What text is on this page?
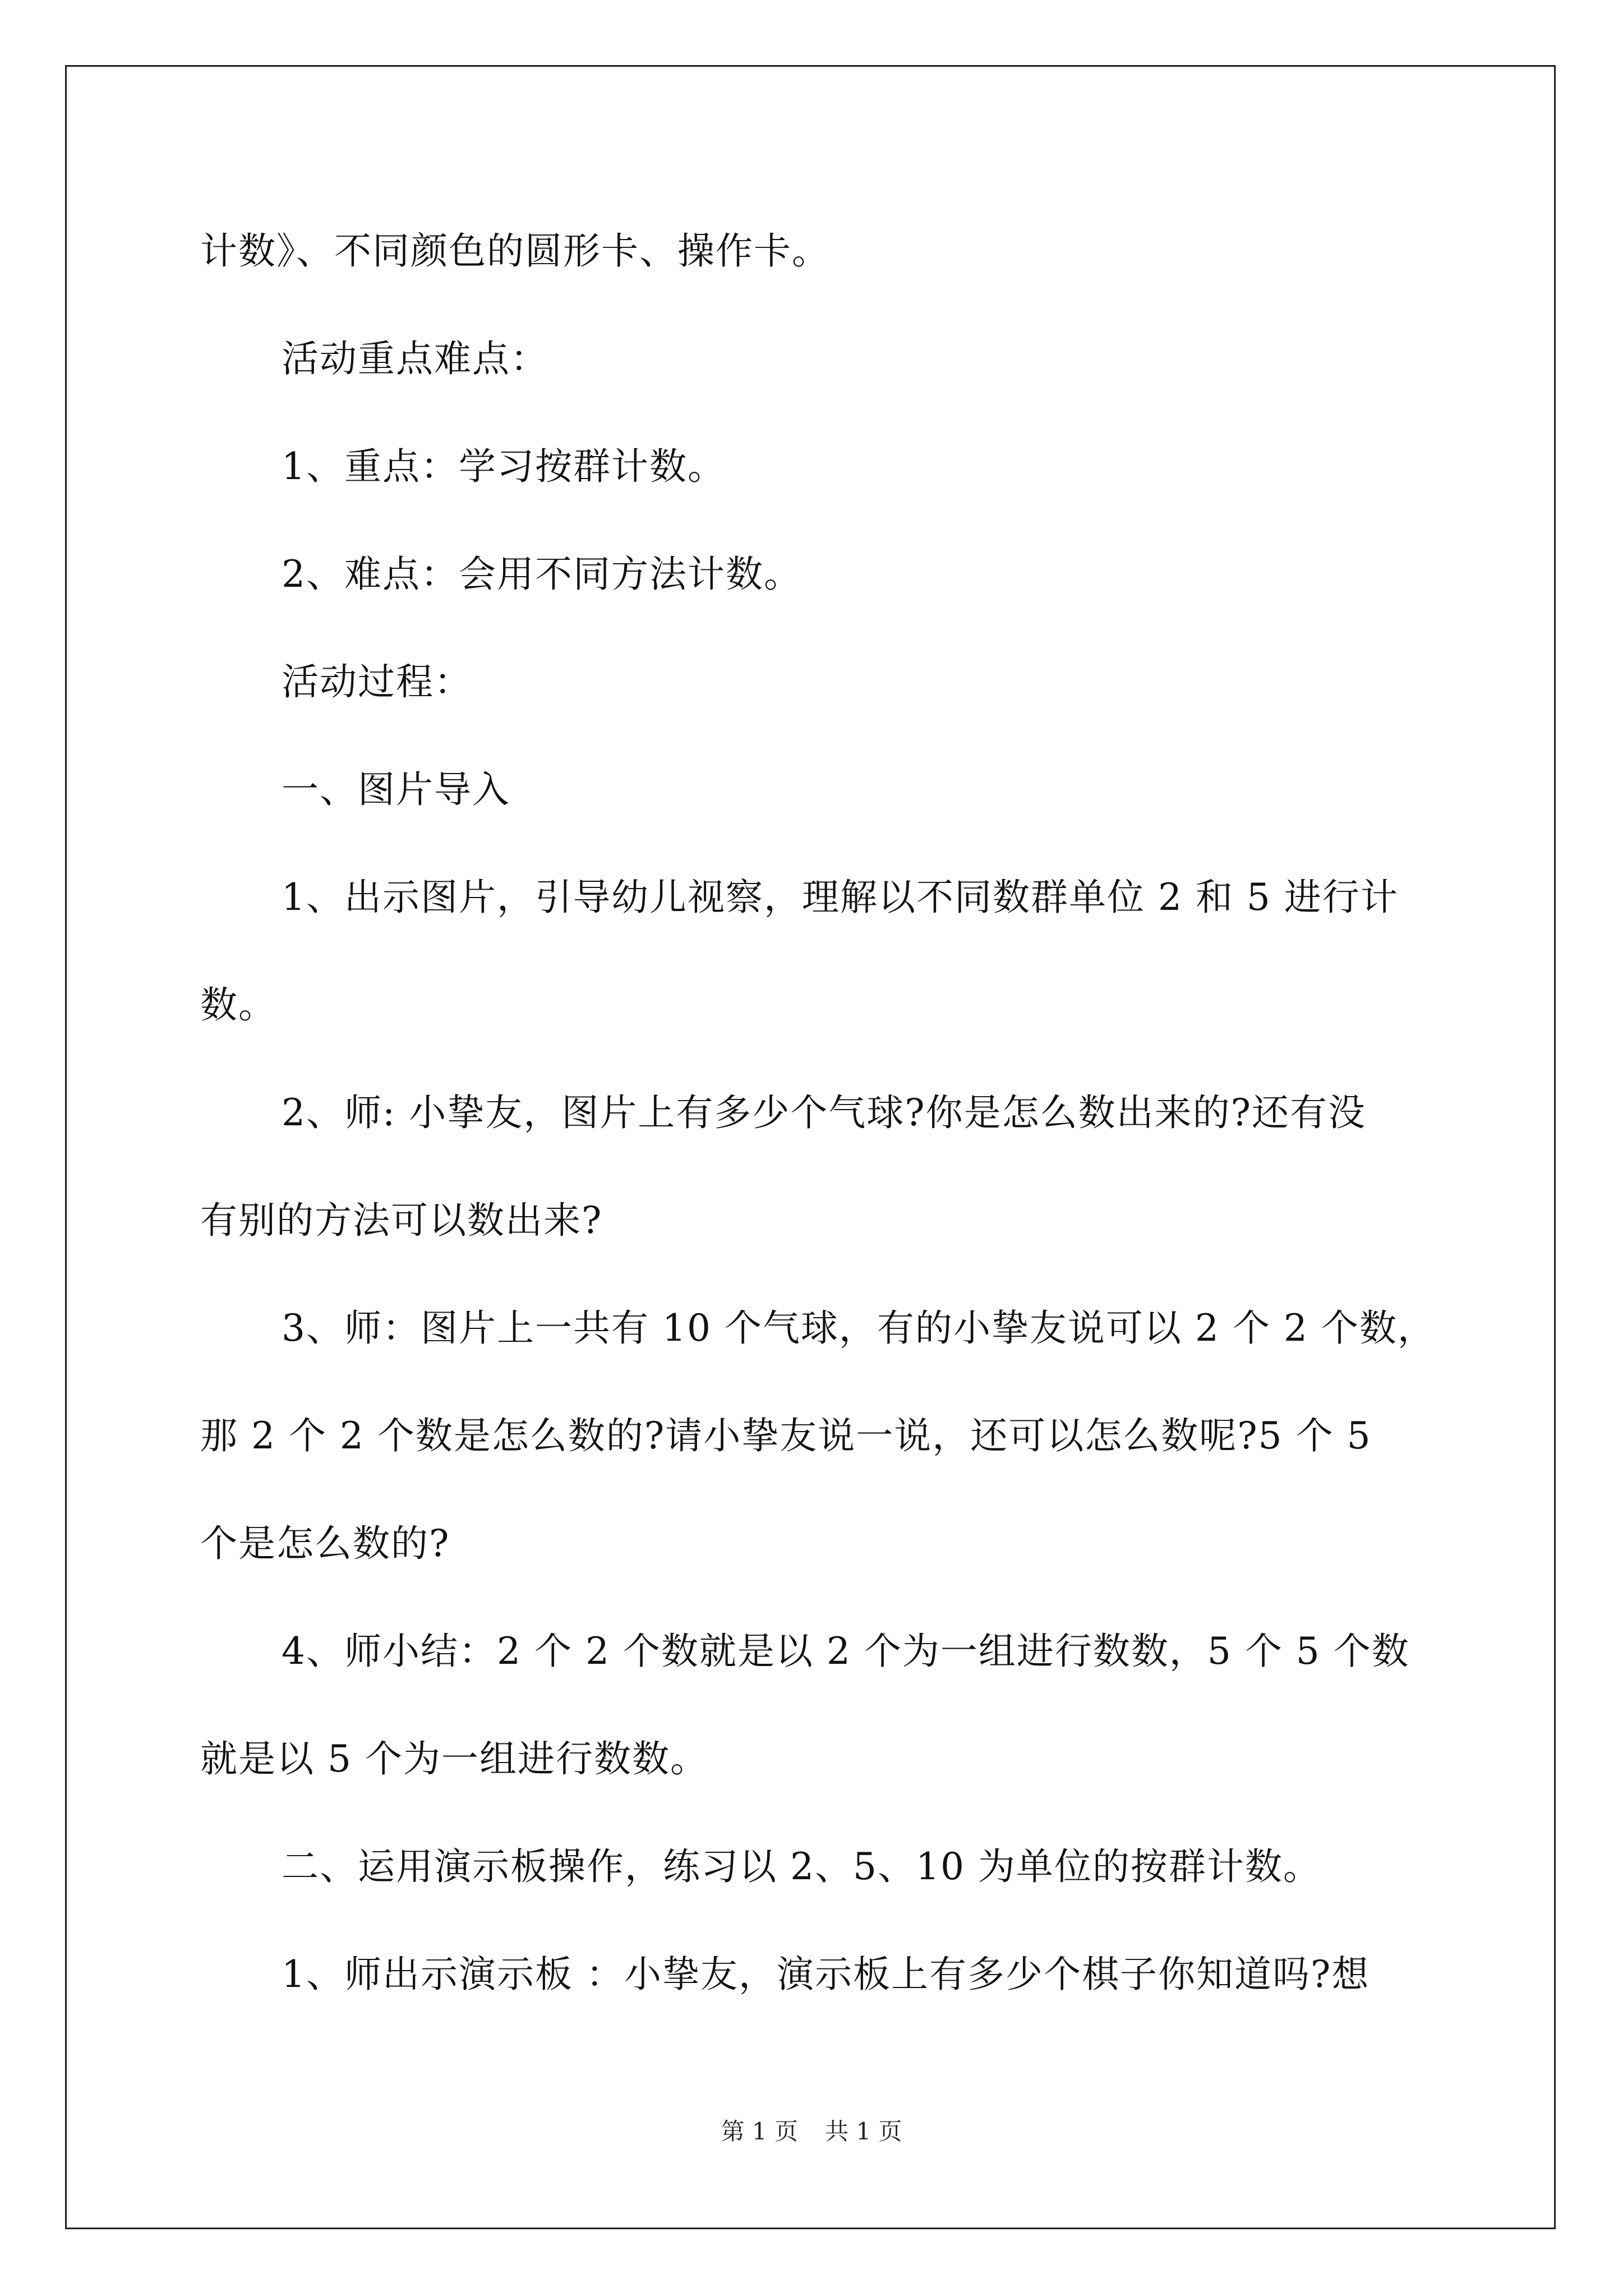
计数》、不同颜色的圆形卡、操作卡。
活动重点难点：
1、重点：学习按群计数。
2、难点：会用不同方法计数。
活动过程：
一、图片导入
1、出示图片，引导幼儿视察，理解以不同数群单位 2 和 5 进行计
数。
2、师: 小挚友，图片上有多少个气球?你是怎么数出来的?还有没
有别的方法可以数出来?
3、师：图片上一共有 10 个气球，有的小挚友说可以 2 个 2 个数，
那 2 个 2 个数是怎么数的?请小挚友说一说，还可以怎么数呢?5 个 5
个是怎么数的?
4、师小结：2 个 2 个数就是以 2 个为一组进行数数，5 个 5 个数
就是以 5 个为一组进行数数。
二、运用演示板操作，练习以 2、5、10 为单位的按群计数。
1、师出示演示板 ：小挚友，演示板上有多少个棋子你知道吗?想
第 1 页 共 1 页
